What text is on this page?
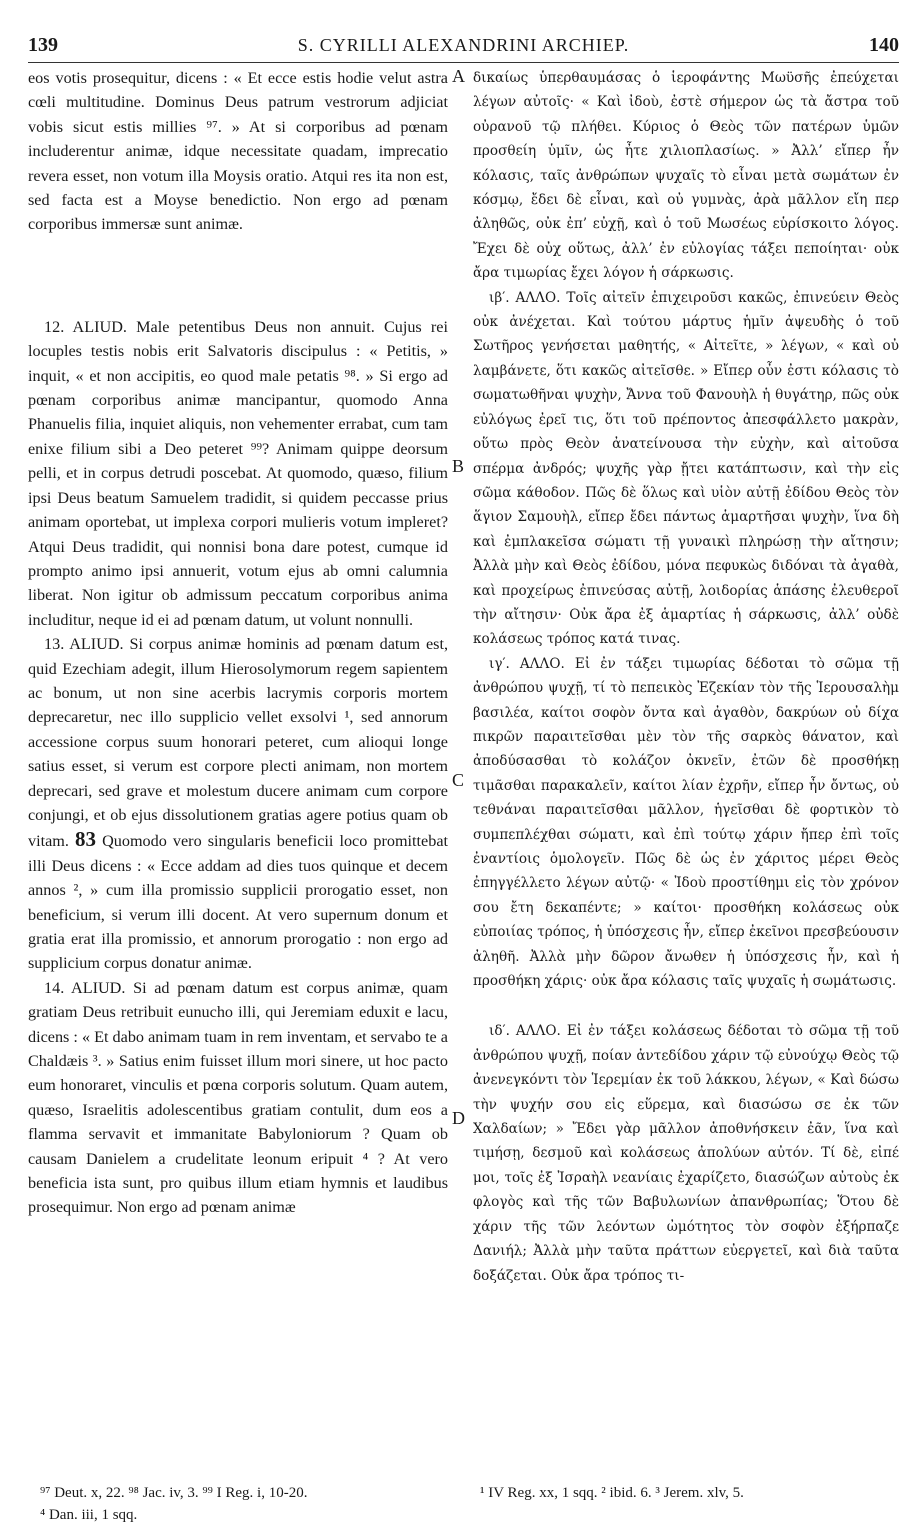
139	S. CYRILLI ALEXANDRINI ARCHIEP.	140
A
B
C
D

eos votis prosequitur, dicens : « Et ecce estis hodie velut astra cœli multitudine. Dominus Deus patrum vestrorum adjiciat vobis sicut estis millies ⁹⁷. » At si corporibus ad pœnam includerentur animæ, idque necessitate quadam, imprecatio revera esset, non votum illa Moysis oratio. Atqui res ita non est, sed facta est a Moyse benedictio. Non ergo ad pœnam corporibus immersæ sunt animæ.

12. ALIUD. Male petentibus Deus non annuit. Cujus rei locuples testis nobis erit Salvatoris discipulus : « Petitis, » inquit, « et non accipitis, eo quod male petatis ⁹⁸. » Si ergo ad pœnam corporibus animæ mancipantur, quomodo Anna Phanuelis filia, inquiet aliquis, non vehementer errabat, cum tam enixe filium sibi a Deo peteret ⁹⁹? Animam quippe deorsum pelli, et in corpus detrudi poscebat. At quomodo, quæso, filium ipsi Deus beatum Samuelem tradidit, si quidem peccasse prius animam oportebat, ut implexa corpori mulieris votum impleret? Atqui Deus tradidit, qui nonnisi bona dare potest, cumque id prompto animo ipsi annuerit, votum ejus ab omni calumnia liberat. Non igitur ob admissum peccatum corporibus anima includitur, neque id ei ad pœnam datum, ut volunt nonnulli.

13. ALIUD. Si corpus animæ hominis ad pœnam datum est, quid Ezechiam adegit, illum Hierosolymorum regem sapientem ac bonum, ut non sine acerbis lacrymis corporis mortem deprecaretur, nec illo supplicio vellet exsolvi ¹, sed annorum accessione corpus suum honorari peteret, cum alioqui longe satius esset, si verum est corpore plecti animam, non mortem deprecari, sed grave et molestum ducere animam cum corpore conjungi, et ob ejus dissolutionem gratias agere potius quam ob vitam. 83 Quomodo vero singularis beneficii loco promittebat illi Deus dicens : « Ecce addam ad dies tuos quinque et decem annos ², » cum illa promissio supplicii prorogatio esset, non beneficium, si verum illi docent. At vero supernum donum et gratia erat illa promissio, et annorum prorogatio : non ergo ad supplicium corpus donatur animæ.

14. ALIUD. Si ad pœnam datum est corpus animæ, quam gratiam Deus retribuit eunucho illi, qui Jeremiam eduxit e lacu, dicens : « Et dabo animam tuam in rem inventam, et servabo te a Chaldæis ³. » Satius enim fuisset illum mori sinere, ut hoc pacto eum honoraret, vinculis et pœna corporis solutum. Quam autem, quæso, Israelitis adolescentibus gratiam contulit, dum eos a flamma servavit et immanitate Babyloniorum ? Quam ob causam Danielem a crudelitate leonum eripuit ⁴ ? At vero beneficia ista sunt, pro quibus illum etiam hymnis et laudibus prosequimur. Non ergo ad pœnam animæ

δικαίως ὑπερθαυμάσας ὁ ἱεροφάντης Μωϋσῆς ἐπεύχεται λέγων αὐτοῖς· « Καὶ ἰδοὺ, ἐστὲ σήμερον ὡς τὰ ἄστρα τοῦ οὐρανοῦ τῷ πλήθει. Κύριος ὁ Θεὸς τῶν πατέρων ὑμῶν προσθείη ὑμῖν, ὡς ἦτε χιλιοπλασίως. » Ἀλλ’ εἴπερ ἦν κόλασις, ταῖς ἀνθρώπων ψυχαῖς τὸ εἶναι μετὰ σωμάτων ἐν κόσμῳ, ἔδει δὲ εἶναι, καὶ οὐ γυμνὰς, ἀρὰ μᾶλλον εἴη περ ἀληθῶς, οὐκ ἐπ’ εὐχῇ, καὶ ὁ τοῦ Μωσέως εὑρίσκοιτο λόγος. Ἔχει δὲ οὐχ οὕτως, ἀλλ’ ἐν εὐλογίας τάξει πεποίηται· οὐκ ἄρα τιμωρίας ἔχει λόγον ἡ σάρκωσις.

ιβ′. ΑΛΛΟ. Τοῖς αἰτεῖν ἐπιχειροῦσι κακῶς, ἐπινεύειν Θεὸς οὐκ ἀνέχεται. Καὶ τούτου μάρτυς ἡμῖν ἀψευδὴς ὁ τοῦ Σωτῆρος γενήσεται μαθητής, « Αἰτεῖτε, » λέγων, « καὶ οὐ λαμβάνετε, ὅτι κακῶς αἰτεῖσθε. » Εἴπερ οὖν ἐστι κόλασις τὸ σωματωθῆναι ψυχὴν, Ἄννα τοῦ Φανουὴλ ἡ θυγάτηρ, πῶς οὐκ εὐλόγως ἐρεῖ τις, ὅτι τοῦ πρέποντος ἀπεσφάλλετο μακρὰν, οὕτω πρὸς Θεὸν ἀνατείνουσα τὴν εὐχὴν, καὶ αἰτοῦσα σπέρμα ἀνδρός; ψυχῆς γὰρ ᾔτει κατάπτωσιν, καὶ τὴν εἰς σῶμα κάθοδον. Πῶς δὲ ὅλως καὶ υἱὸν αὐτῇ ἐδίδου Θεὸς τὸν ἅγιον Σαμουὴλ, εἴπερ ἔδει πάντως ἁμαρτῆσαι ψυχὴν, ἵνα δὴ καὶ ἐμπλακεῖσα σώματι τῇ γυναικὶ πληρώσῃ τὴν αἴτησιν; Ἀλλὰ μὴν καὶ Θεὸς ἐδίδου, μόνα πεφυκὼς διδόναι τὰ ἀγαθὰ, καὶ προχείρως ἐπινεύσας αὐτῇ, λοιδορίας ἁπάσης ἐλευθεροῖ τὴν αἴτησιν· Οὐκ ἄρα ἐξ ἁμαρτίας ἡ σάρκωσις, ἀλλ’ οὐδὲ κολάσεως τρόπος κατά τινας.

ιγ′. ΑΛΛΟ. Εἰ ἐν τάξει τιμωρίας δέδοται τὸ σῶμα τῇ ἀνθρώπου ψυχῇ, τί τὸ πεπεικὸς Ἐζεκίαν τὸν τῆς Ἱερουσαλὴμ βασιλέα, καίτοι σοφὸν ὄντα καὶ ἀγαθὸν, δακρύων οὐ δίχα πικρῶν παραιτεῖσθαι μὲν τὸν τῆς σαρκὸς θάνατον, καὶ ἀποδύσασθαι τὸ κολάζον ὀκνεῖν, ἐτῶν δὲ προσθήκῃ τιμᾶσθαι παρακαλεῖν, καίτοι λίαν ἐχρῆν, εἴπερ ἦν ὄντως, οὐ τεθνάναι παραιτεῖσθαι μᾶλλον, ἡγεῖσθαι δὲ φορτικὸν τὸ συμπεπλέχθαι σώματι, καὶ ἐπὶ τούτῳ χάριν ἤπερ ἐπὶ τοῖς ἐναντίοις ὁμολογεῖν. Πῶς δὲ ὡς ἐν χάριτος μέρει Θεὸς ἐπηγγέλλετο λέγων αὐτῷ· « Ἰδοὺ προστίθημι εἰς τὸν χρόνον σου ἔτη δεκαπέντε; » καίτοι· προσθήκη κολάσεως οὐκ εὐποιίας τρόπος, ἡ ὑπόσχεσις ἦν, εἴπερ ἐκεῖνοι πρεσβεύουσιν ἀληθῆ. Ἀλλὰ μὴν δῶρον ἄνωθεν ἡ ὑπόσχεσις ἦν, καὶ ἡ προσθήκη χάρις· οὐκ ἄρα κόλασις ταῖς ψυχαῖς ἡ σωμάτωσις.

ιδ′. ΑΛΛΟ. Εἰ ἐν τάξει κολάσεως δέδοται τὸ σῶμα τῇ τοῦ ἀνθρώπου ψυχῇ, ποίαν ἀντεδίδου χάριν τῷ εὐνούχῳ Θεὸς τῷ ἀνενεγκόντι τὸν Ἱερεμίαν ἐκ τοῦ λάκκου, λέγων, « Καὶ δώσω τὴν ψυχήν σου εἰς εὕρεμα, καὶ διασώσω σε ἐκ τῶν Χαλδαίων; » Ἔδει γὰρ μᾶλλον ἀποθνήσκειν ἐᾶν, ἵνα καὶ τιμήσῃ, δεσμοῦ καὶ κολάσεως ἀπολύων αὐτόν. Τί δὲ, εἰπέ μοι, τοῖς ἐξ Ἰσραὴλ νεανίαις ἐχαρίζετο, διασώζων αὐτοὺς ἐκ φλογὸς καὶ τῆς τῶν Βαβυλωνίων ἀπανθρωπίας; Ὅτου δὲ χάριν τῆς τῶν λεόντων ὠμότητος τὸν σοφὸν ἐξήρπαζε Δανιήλ; Ἀλλὰ μὴν ταῦτα πράττων εὐεργετεῖ, καὶ διὰ ταῦτα δοξάζεται. Οὐκ ἄρα τρόπος τι-

⁹⁷ Deut. x, 22. ⁹⁸ Jac. iv, 3. ⁹⁹ I Reg. i, 10-20.
⁴ Dan. iii, 1 sqq.
¹ IV Reg. xx, 1 sqq. ² ibid. 6. ³ Jerem. xlv, 5.
